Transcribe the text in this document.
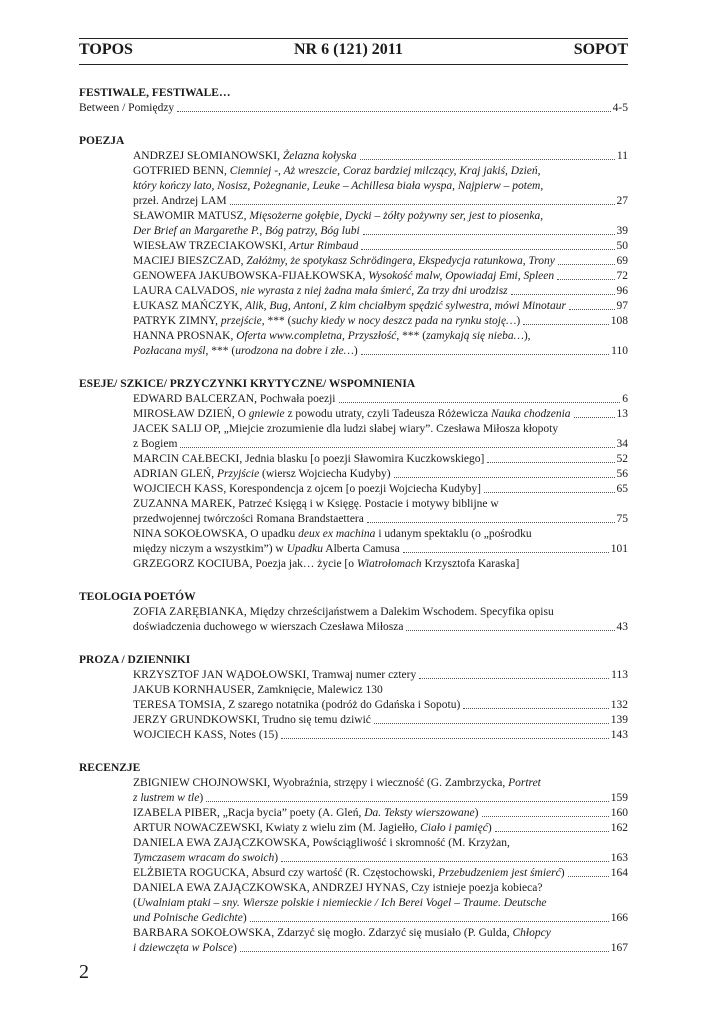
TOPOS	NR 6 (121) 2011	SOPOT
FESTIWALE, FESTIWALE…
Between / Pomiędzy	4-5
POEZJA
ANDRZEJ SŁOMIANOWSKI, Żelazna kołyska	11
GOTFRIED BENN, Ciemniej -, Aż wreszcie, Coraz bardziej milczący, Kraj jakiś, Dzień,
który kończy lato, Nosisz, Pożegnanie, Leuke – Achillesa biała wyspa, Najpierw – potem,
przeł. Andrzej LAM	27
SŁAWOMIR MATUSZ, Mięsożerne gołębie, Dycki – żółty pożywny ser, jest to piosenka,
Der Brief an Margarethe P., Bóg patrzy, Bóg lubi	39
WIESŁAW TRZECIAKOWSKI, Artur Rimbaud	50
MACIEJ BIESZCZAD, Załóżmy, że spotykasz Schrödingera, Ekspedycja ratunkowa, Trony	69
GENOWEFA JAKUBOWSKA-FIJAŁKOWSKA, Wysokość malw, Opowiadaj Emi, Spleen	72
LAURA CALVADOS, nie wyrasta z niej żadna mała śmierć, Za trzy dni urodzisz	96
ŁUKASZ MAŃCZYK, Alik, Bug, Antoni, Z kim chciałbym spędzić sylwestra, mówi Minotaur	97
PATRYK ZIMNY, przejście, *** (suchy kiedy w nocy deszcz pada na rynku stoję…)	108
HANNA PROSNAK, Oferta www.completna, Przyszłość, *** (zamykają się nieba…),
Pozłacana myśl, *** (urodzona na dobre i złe…)	110
ESEJE/ SZKICE/ PRZYCZYNKI KRYTYCZNE/ WSPOMNIENIA
EDWARD BALCERZAN, Pochwała poezji	6
MIROSŁAW DZIEŃ, O gniewie z powodu utraty, czyli Tadeusza Różewicza Nauka chodzenia	13
JACEK SALIJ OP, „Miejcie zrozumienie dla ludzi słabej wiary”. Czesława Miłosza kłopoty
z Bogiem	34
MARCIN CAŁBECKI, Jednia blasku [o poezji Sławomira Kuczkowskiego]	52
ADRIAN GLEŃ, Przyjście (wiersz Wojciecha Kudyby)	56
WOJCIECH KASS, Korespondencja z ojcem [o poezji Wojciecha Kudyby]	65
ZUZANNA MAREK, Patrzeć Księgą i w Księgę. Postacie i motywy biblijne w
przedwojennej twórczości Romana Brandstaettera	75
NINA SOKOŁOWSKA, O upadku deux ex machina i udanym spektaklu (o „pośrodku
między niczym a wszystkim”) w Upadku Alberta Camusa	101
GRZEGORZ KOCIUBA, Poezja jak… życie [o Wiatrołomach Krzysztofa Karaska]
TEOLOGIA POETÓW
ZOFIA ZARĘBIANKA, Między chrześcijaństwem a Dalekim Wschodem. Specyfika opisu
doświadczenia duchowego w wierszach Czesława Miłosza	43
PROZA / DZIENNIKI
KRZYSZTOF JAN WĄDOŁOWSKI, Tramwaj numer cztery	113
JAKUB KORNHAUSER, Zamknięcie, Malewicz 130
TERESA TOMSIA, Z szarego notatnika (podróż do Gdańska i Sopotu)	132
JERZY GRUNDKOWSKI, Trudno się temu dziwić	139
WOJCIECH KASS, Notes (15)	143
RECENZJE
ZBIGNIEW CHOJNOWSKI, Wyobraźnia, strzępy i wieczność (G. Zambrzycka, Portret
z lustrem w tle)	159
IZABELA PIBER, „Racja bycia” poety (A. Gleń, Da. Teksty wierszowane)	160
ARTUR NOWACZEWSKI, Kwiaty z wielu zim (M. Jagiełło, Ciało i pamięć)	162
DANIELA EWA ZAJĄCZKOWSKA, Powściągliwość i skromność (M. Krzyżan,
Tymczasem wracam do swoich)	163
ELŻBIETA ROGUCKA, Absurd czy wartość (R. Częstochowski, Przebudzeniem jest śmierć)	164
DANIELA EWA ZAJĄCZKOWSKA, ANDRZEJ HYNAS, Czy istnieje poezja kobieca?
(Uwalniam ptaki – sny. Wiersze polskie i niemieckie / Ich Berei Vogel – Traume. Deutsche
und Polnische Gedichte)	166
BARBARA SOKOŁOWSKA, Zdarzyć się mogło. Zdarzyć się musiało (P. Gulda, Chłopcy
i dziewczęta w Polsce)	167
2
